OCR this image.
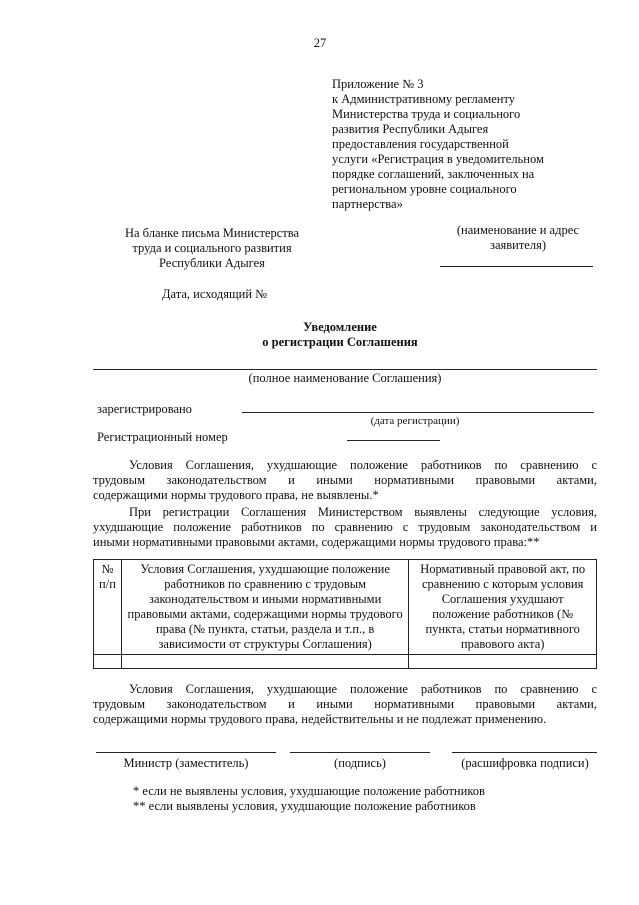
27
Приложение № 3
к Административному регламенту
Министерства труда и социального
развития Республики Адыгея
предоставления государственной
услуги «Регистрация в уведомительном
порядке соглашений, заключенных на
региональном уровне социального
партнерства»
На бланке письма Министерства
труда и социального развития
Республики Адыгея
Дата, исходящий №
(наименование и адрес
заявителя)
Уведомление
о регистрации Соглашения
(полное наименование Соглашения)
зарегистрировано
(дата регистрации)
Регистрационный номер
Условия Соглашения, ухудшающие положение работников по сравнению с
трудовым законодательством и иными нормативными правовыми актами,
содержащими нормы трудового права, не выявлены.*
При регистрации Соглашения Министерством выявлены следующие условия,
ухудшающие положение работников по сравнению с трудовым законодательством и
иными нормативными правовыми актами, содержащими нормы трудового права:**
№ п/п	Условия Соглашения, ухудшающие положение работников по сравнению с трудовым законодательством и иными нормативными правовыми актами, содержащими нормы трудового права (№ пункта, статьи, раздела и т.п., в зависимости от структуры Соглашения)	Нормативный правовой акт, по сравнению с которым условия Соглашения ухудшают положение работников (№ пункта, статьи нормативного правового акта)

Условия Соглашения, ухудшающие положение работников по сравнению с
трудовым законодательством и иными нормативными правовыми актами,
содержащими нормы трудового права, недействительны и не подлежат применению.
Министр (заместитель)	(подпись)	(расшифровка подписи)
* если не выявлены условия, ухудшающие положение работников
** если выявлены условия, ухудшающие положение работников
